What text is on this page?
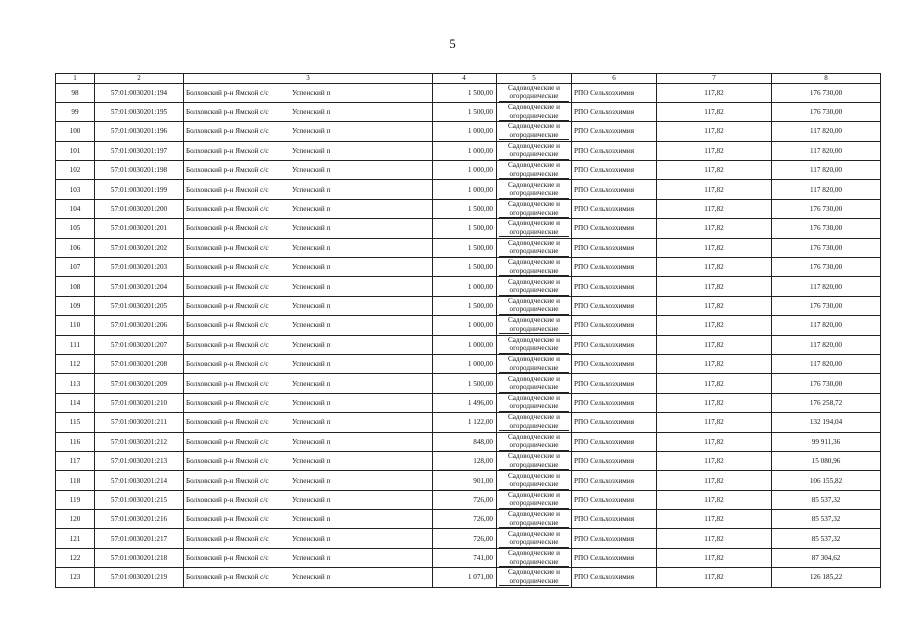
5
1	2	3	4	5	6	7	8
98	57:01:0030201:194	Болховский р-н Ямской с/с Успенский п	1 500,00	Садоводческие и
огороднические	РПО Сельхозхимия	117,82	176 730,00
99	57:01:0030201:195	Болховский р-н Ямской с/с Успенский п	1 500,00	Садоводческие и
огороднические	РПО Сельхозхимия	117,82	176 730,00
100	57:01:0030201:196	Болховский р-н Ямской с/с Успенский п	1 000,00	Садоводческие и
огороднические	РПО Сельхозхимия	117,82	117 820,00
101	57:01:0030201:197	Болховский р-н Ямской с/с Успенский п	1 000,00	Садоводческие и
огороднические	РПО Сельхозхимия	117,82	117 820,00
102	57:01:0030201:198	Болховский р-н Ямской с/с Успенский п	1 000,00	Садоводческие и
огороднические	РПО Сельхозхимия	117,82	117 820,00
103	57:01:0030201:199	Болховский р-н Ямской с/с Успенский п	1 000,00	Садоводческие и
огороднические	РПО Сельхозхимия	117,82	117 820,00
104	57:01:0030201:200	Болховский р-н Ямской с/с Успенский п	1 500,00	Садоводческие и
огороднические	РПО Сельхозхимия	117,82	176 730,00
105	57:01:0030201:201	Болховский р-н Ямской с/с Успенский п	1 500,00	Садоводческие и
огороднические	РПО Сельхозхимия	117,82	176 730,00
106	57:01:0030201:202	Болховский р-н Ямской с/с Успенский п	1 500,00	Садоводческие и
огороднические	РПО Сельхозхимия	117,82	176 730,00
107	57:01:0030201:203	Болховский р-н Ямской с/с Успенский п	1 500,00	Садоводческие и
огороднические	РПО Сельхозхимия	117,82	176 730,00
108	57:01:0030201:204	Болховский р-н Ямской с/с Успенский п	1 000,00	Садоводческие и
огороднические	РПО Сельхозхимия	117,82	117 820,00
109	57:01:0030201:205	Болховский р-н Ямской с/с Успенский п	1 500,00	Садоводческие и
огороднические	РПО Сельхозхимия	117,82	176 730,00
110	57:01:0030201:206	Болховский р-н Ямской с/с Успенский п	1 000,00	Садоводческие и
огороднические	РПО Сельхозхимия	117,82	117 820,00
111	57:01:0030201:207	Болховский р-н Ямской с/с Успенский п	1 000,00	Садоводческие и
огороднические	РПО Сельхозхимия	117,82	117 820,00
112	57:01:0030201:208	Болховский р-н Ямской с/с Успенский п	1 000,00	Садоводческие и
огороднические	РПО Сельхозхимия	117,82	117 820,00
113	57:01:0030201:209	Болховский р-н Ямской с/с Успенский п	1 500,00	Садоводческие и
огороднические	РПО Сельхозхимия	117,82	176 730,00
114	57:01:0030201:210	Болховский р-н Ямской с/с Успенский п	1 496,00	Садоводческие и
огороднические	РПО Сельхозхимия	117,82	176 258,72
115	57:01:0030201:211	Болховский р-н Ямской с/с Успенский п	1 122,00	Садоводческие и
огороднические	РПО Сельхозхимия	117,82	132 194,04
116	57:01:0030201:212	Болховский р-н Ямской с/с Успенский п	848,00	Садоводческие и
огороднические	РПО Сельхозхимия	117,82	99 911,36
117	57:01:0030201:213	Болховский р-н Ямской с/с Успенский п	128,00	Садоводческие и
огороднические	РПО Сельхозхимия	117,82	15 080,96
118	57:01:0030201:214	Болховский р-н Ямской с/с Успенский п	901,00	Садоводческие и
огороднические	РПО Сельхозхимия	117,82	106 155,82
119	57:01:0030201:215	Болховский р-н Ямской с/с Успенский п	726,00	Садоводческие и
огороднические	РПО Сельхозхимия	117,82	85 537,32
120	57:01:0030201:216	Болховский р-н Ямской с/с Успенский п	726,00	Садоводческие и
огороднические	РПО Сельхозхимия	117,82	85 537,32
121	57:01:0030201:217	Болховский р-н Ямской с/с Успенский п	726,00	Садоводческие и
огороднические	РПО Сельхозхимия	117,82	85 537,32
122	57:01:0030201:218	Болховский р-н Ямской с/с Успенский п	741,00	Садоводческие и
огороднические	РПО Сельхозхимия	117,82	87 304,62
123	57:01:0030201:219	Болховский р-н Ямской с/с Успенский п	1 071,00	Садоводческие и
огороднические	РПО Сельхозхимия	117,82	126 185,22
